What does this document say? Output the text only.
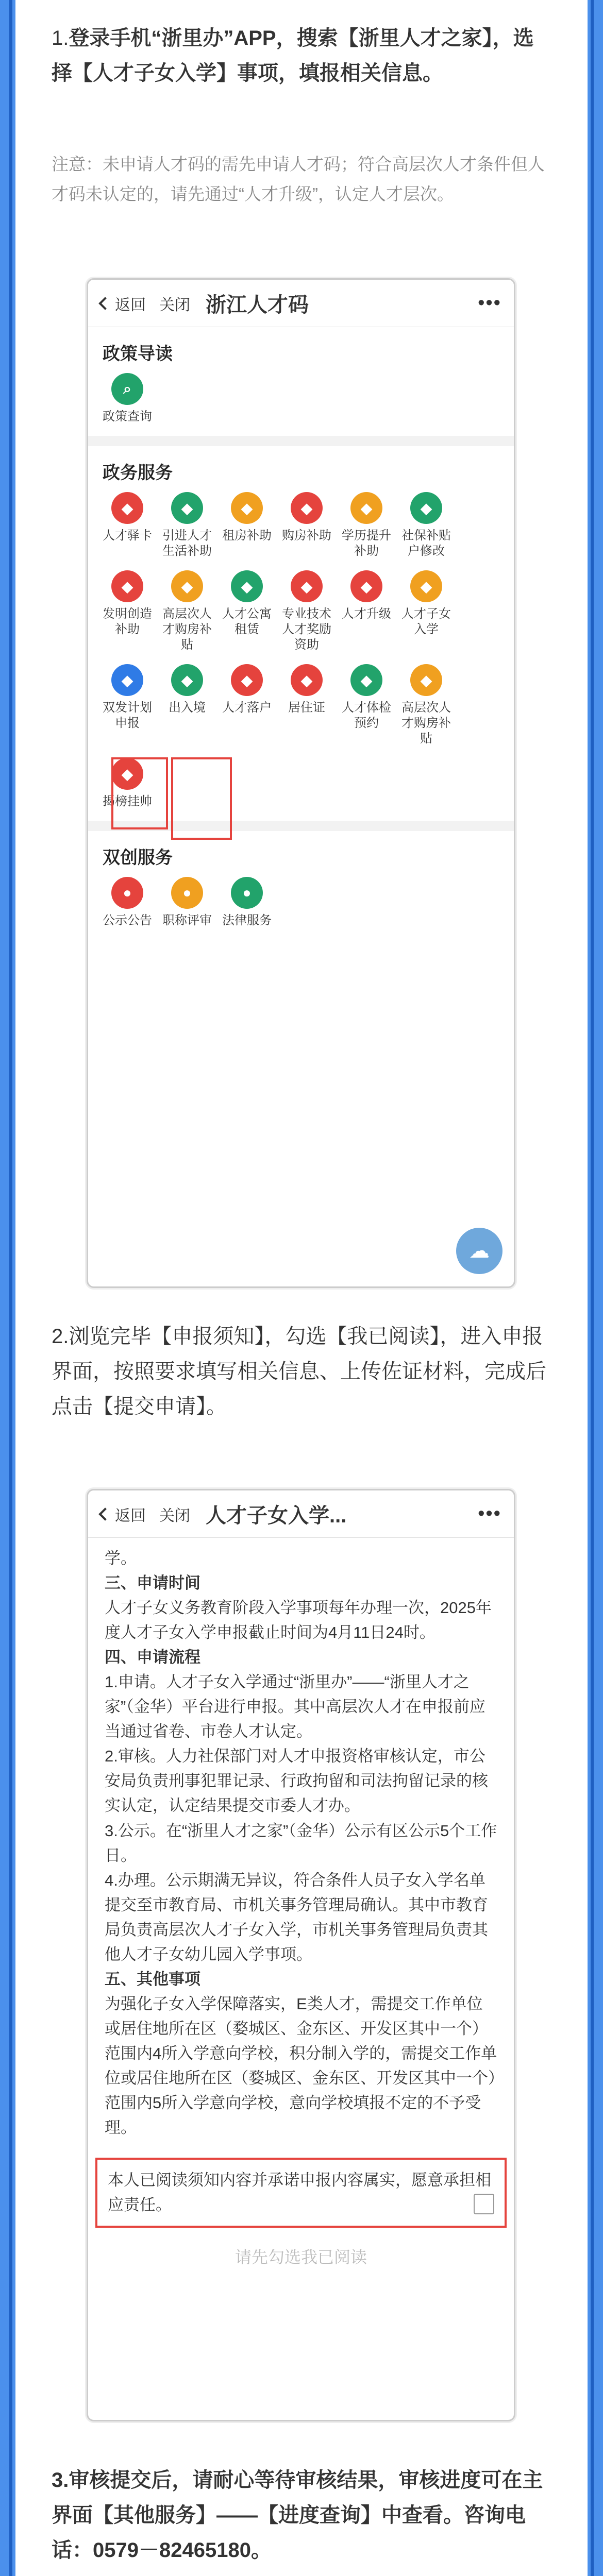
1.登录手机“浙里办”APP，搜索【浙里人才之家】，选择【人才子女入学】事项，填报相关信息。
注意：未申请人才码的需先申请人才码；符合高层次人才条件但人才码未认定的，请先通过“人才升级”，认定人才层次。
返回 关闭 浙江人才码	•••
政策导读
⌕
政策查询
政务服务
◆
人才驿卡
◆
引进人才生活补助
◆
租房补助
◆
购房补助
◆
学历提升补助
◆
社保补贴户修改
◆
发明创造补助
◆
高层次人才购房补贴
◆
人才公寓租赁
◆
专业技术人才奖励资助
◆
人才升级
◆
人才子女入学
◆
双发计划申报
◆
出入境
◆
人才落户
◆
居住证
◆
人才体检预约
◆
高层次人才购房补贴
◆
揭榜挂帅
双创服务
●
公示公告
●
职称评审
●
法律服务
☁
2.浏览完毕【申报须知】，勾选【我已阅读】，进入申报界面，按照要求填写相关信息、上传佐证材料，完成后点击【提交申请】。
返回 关闭 人才子女入学...	•••
学。
三、申请时间
人才子女义务教育阶段入学事项每年办理一次，2025年度人才子女入学申报截止时间为4月11日24时。
四、申请流程
1.申请。人才子女入学通过“浙里办”——“浙里人才之家”（金华）平台进行申报。其中高层次人才在申报前应当通过省卷、市卷人才认定。
2.审核。人力社保部门对人才申报资格审核认定，市公安局负责刑事犯罪记录、行政拘留和司法拘留记录的核实认定，认定结果提交市委人才办。
3.公示。在“浙里人才之家”（金华）公示有区公示5个工作日。
4.办理。公示期满无异议，符合条件人员子女入学名单提交至市教育局、市机关事务管理局确认。其中市教育局负责高层次人才子女入学，市机关事务管理局负责其他人才子女幼儿园入学事项。
五、其他事项
为强化子女入学保障落实，E类人才，需提交工作单位或居住地所在区（婺城区、金东区、开发区其中一个）范围内4所入学意向学校，积分制入学的，需提交工作单位或居住地所在区（婺城区、金东区、开发区其中一个）范围内5所入学意向学校，意向学校填报不定的不予受理。
本人已阅读须知内容并承诺申报内容属实，愿意承担相应责任。
请先勾选我已阅读
3.审核提交后，请耐心等待审核结果，审核进度可在主界面【其他服务】——【进度查询】中查看。咨询电话：0579－82465180。
